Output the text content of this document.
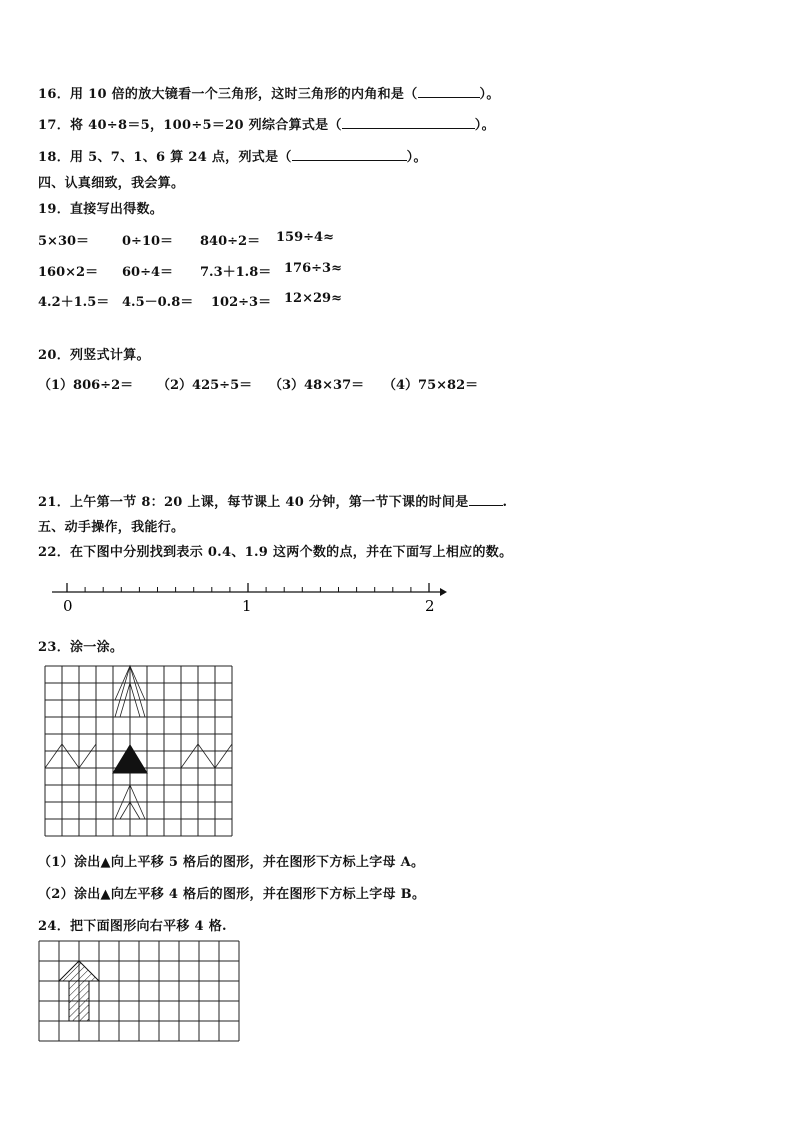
16．用 10 倍的放大镜看一个三角形，这时三角形的内角和是（	）。
17．将 40÷8＝5，100÷5＝20 列综合算式是（	）。
18．用 5、7、1、6 算 24 点，列式是（	）。
四、认真细致，我会算。
19．直接写出得数。
5×30＝	0÷10＝ 840÷2＝ 159÷4≈
160×2＝ 60÷4＝ 7.3＋1.8＝ 176÷3≈
4.2＋1.5＝ 4.5－0.8＝ 102÷3＝ 12×29≈
20．列竖式计算。
（1）806÷2＝ （2）425÷5＝ （3）48×37＝ （4）75×82＝
21．上午第一节 8：20 上课，每节课上 40 分钟，第一节下课的时间是	.
五、动手操作，我能行。
22．在下图中分别找到表示 0.4、1.9 这两个数的点，并在下面写上相应的数。
0	1	2
23．涂一涂。
（1）涂出▲向上平移 5 格后的图形，并在图形下方标上字母 A。
（2）涂出▲向左平移 4 格后的图形，并在图形下方标上字母 B。
24．把下面图形向右平移 4 格.
